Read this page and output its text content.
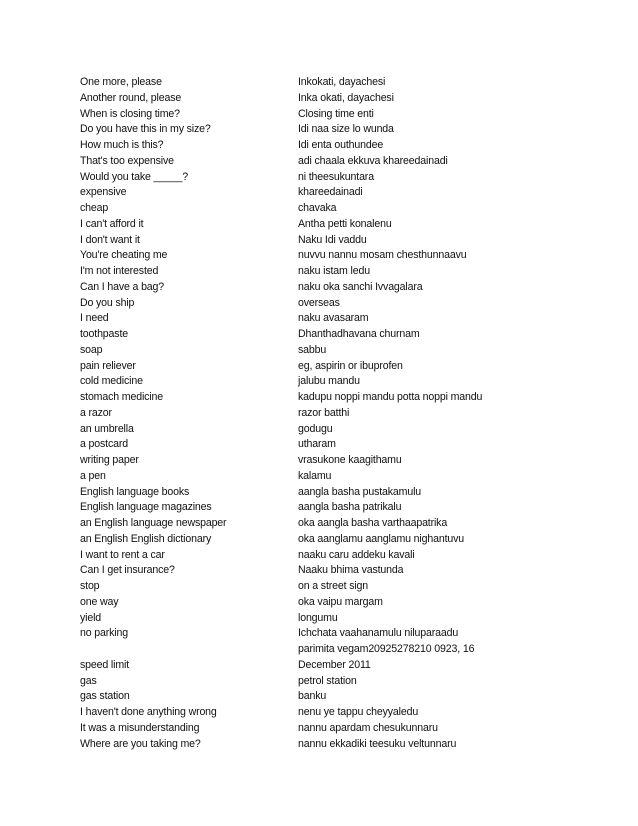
One more, please
Another round, please
When is closing time?
Do you have this in my size?
How much is this?
That's too expensive
Would you take _____?
expensive
cheap
I can't afford it
I don't want it
You're cheating me
I'm not interested
Can I have a bag?
Do you ship
I need
toothpaste
soap
pain reliever
cold medicine
stomach medicine
a razor
an umbrella
a postcard
writing paper
a pen
English language books
English language magazines
an English language newspaper
an English English dictionary
I want to rent a car
Can I get insurance?
stop
one way
yield
no parking
speed limit
gas
gas station
I haven't done anything wrong
It was a misunderstanding
Where are you taking me?
Inkokati, dayachesi
Inka okati, dayachesi
Closing time enti
Idi naa size lo wunda
Idi enta outhundee
adi chaala ekkuva khareedainadi
ni theesukuntara
khareedainadi
chavaka
Antha petti konalenu
Naku Idi vaddu
nuvvu nannu mosam chesthunnaavu
naku istam ledu
naku oka sanchi Ivvagalara
overseas
naku avasaram
Dhanthadhavana churnam
sabbu
eg, aspirin or ibuprofen
jalubu mandu
kadupu noppi mandu potta noppi mandu
razor batthi
godugu
utharam
vrasukone kaagithamu
kalamu
aangla basha pustakamulu
aangla basha patrikalu
oka aangla basha varthaapatrika
oka aanglamu aanglamu nighantuvu
naaku caru addeku kavali
Naaku bhima vastunda
on a street sign
oka vaipu margam
longumu
Ichchata vaahanamulu niluparaadu
parimita vegam20925278210 0923, 16 December 2011
petrol station
banku
nenu ye tappu cheyyaledu
nannu apardam chesukunnaru
nannu ekkadiki teesuku veltunnaru
